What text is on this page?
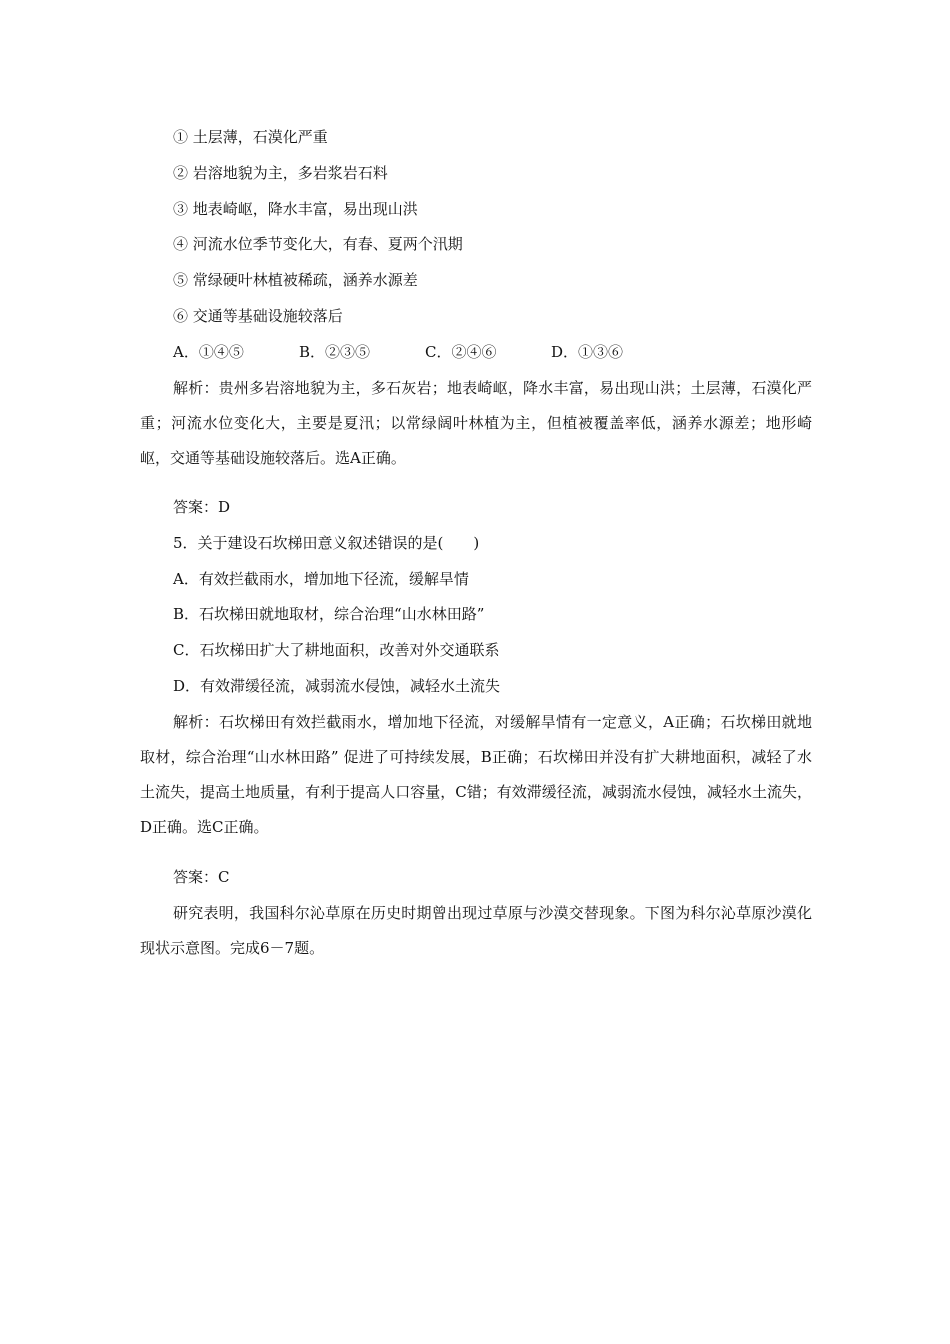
① 土层薄，石漠化严重
② 岩溶地貌为主，多岩浆岩石料
③ 地表崎岖，降水丰富，易出现山洪
④ 河流水位季节变化大，有春、夏两个汛期
⑤ 常绿硬叶林植被稀疏，涵养水源差
⑥ 交通等基础设施较落后
A．①④⑤	B．②③⑤	C．②④⑥	D．①③⑥
解析：贵州多岩溶地貌为主，多石灰岩；地表崎岖，降水丰富，易出现山洪；土层薄，石漠化严重；河流水位变化大，主要是夏汛；以常绿阔叶林植为主，但植被覆盖率低，涵养水源差；地形崎岖，交通等基础设施较落后。选A正确。
答案：D
5．关于建设石坎梯田意义叙述错误的是(　　)
A．有效拦截雨水，增加地下径流，缓解旱情
B．石坎梯田就地取材，综合治理“山水林田路”
C．石坎梯田扩大了耕地面积，改善对外交通联系
D．有效滞缓径流，减弱流水侵蚀，减轻水土流失
解析：石坎梯田有效拦截雨水，增加地下径流，对缓解旱情有一定意义，A正确；石坎梯田就地取材，综合治理“山水林田路” 促进了可持续发展，B正确；石坎梯田并没有扩大耕地面积，减轻了水土流失，提高土地质量，有利于提高人口容量，C错；有效滞缓径流，减弱流水侵蚀，减轻水土流失，D正确。选C正确。
答案：C
研究表明，我国科尔沁草原在历史时期曾出现过草原与沙漠交替现象。下图为科尔沁草原沙漠化现状示意图。完成6－7题。
